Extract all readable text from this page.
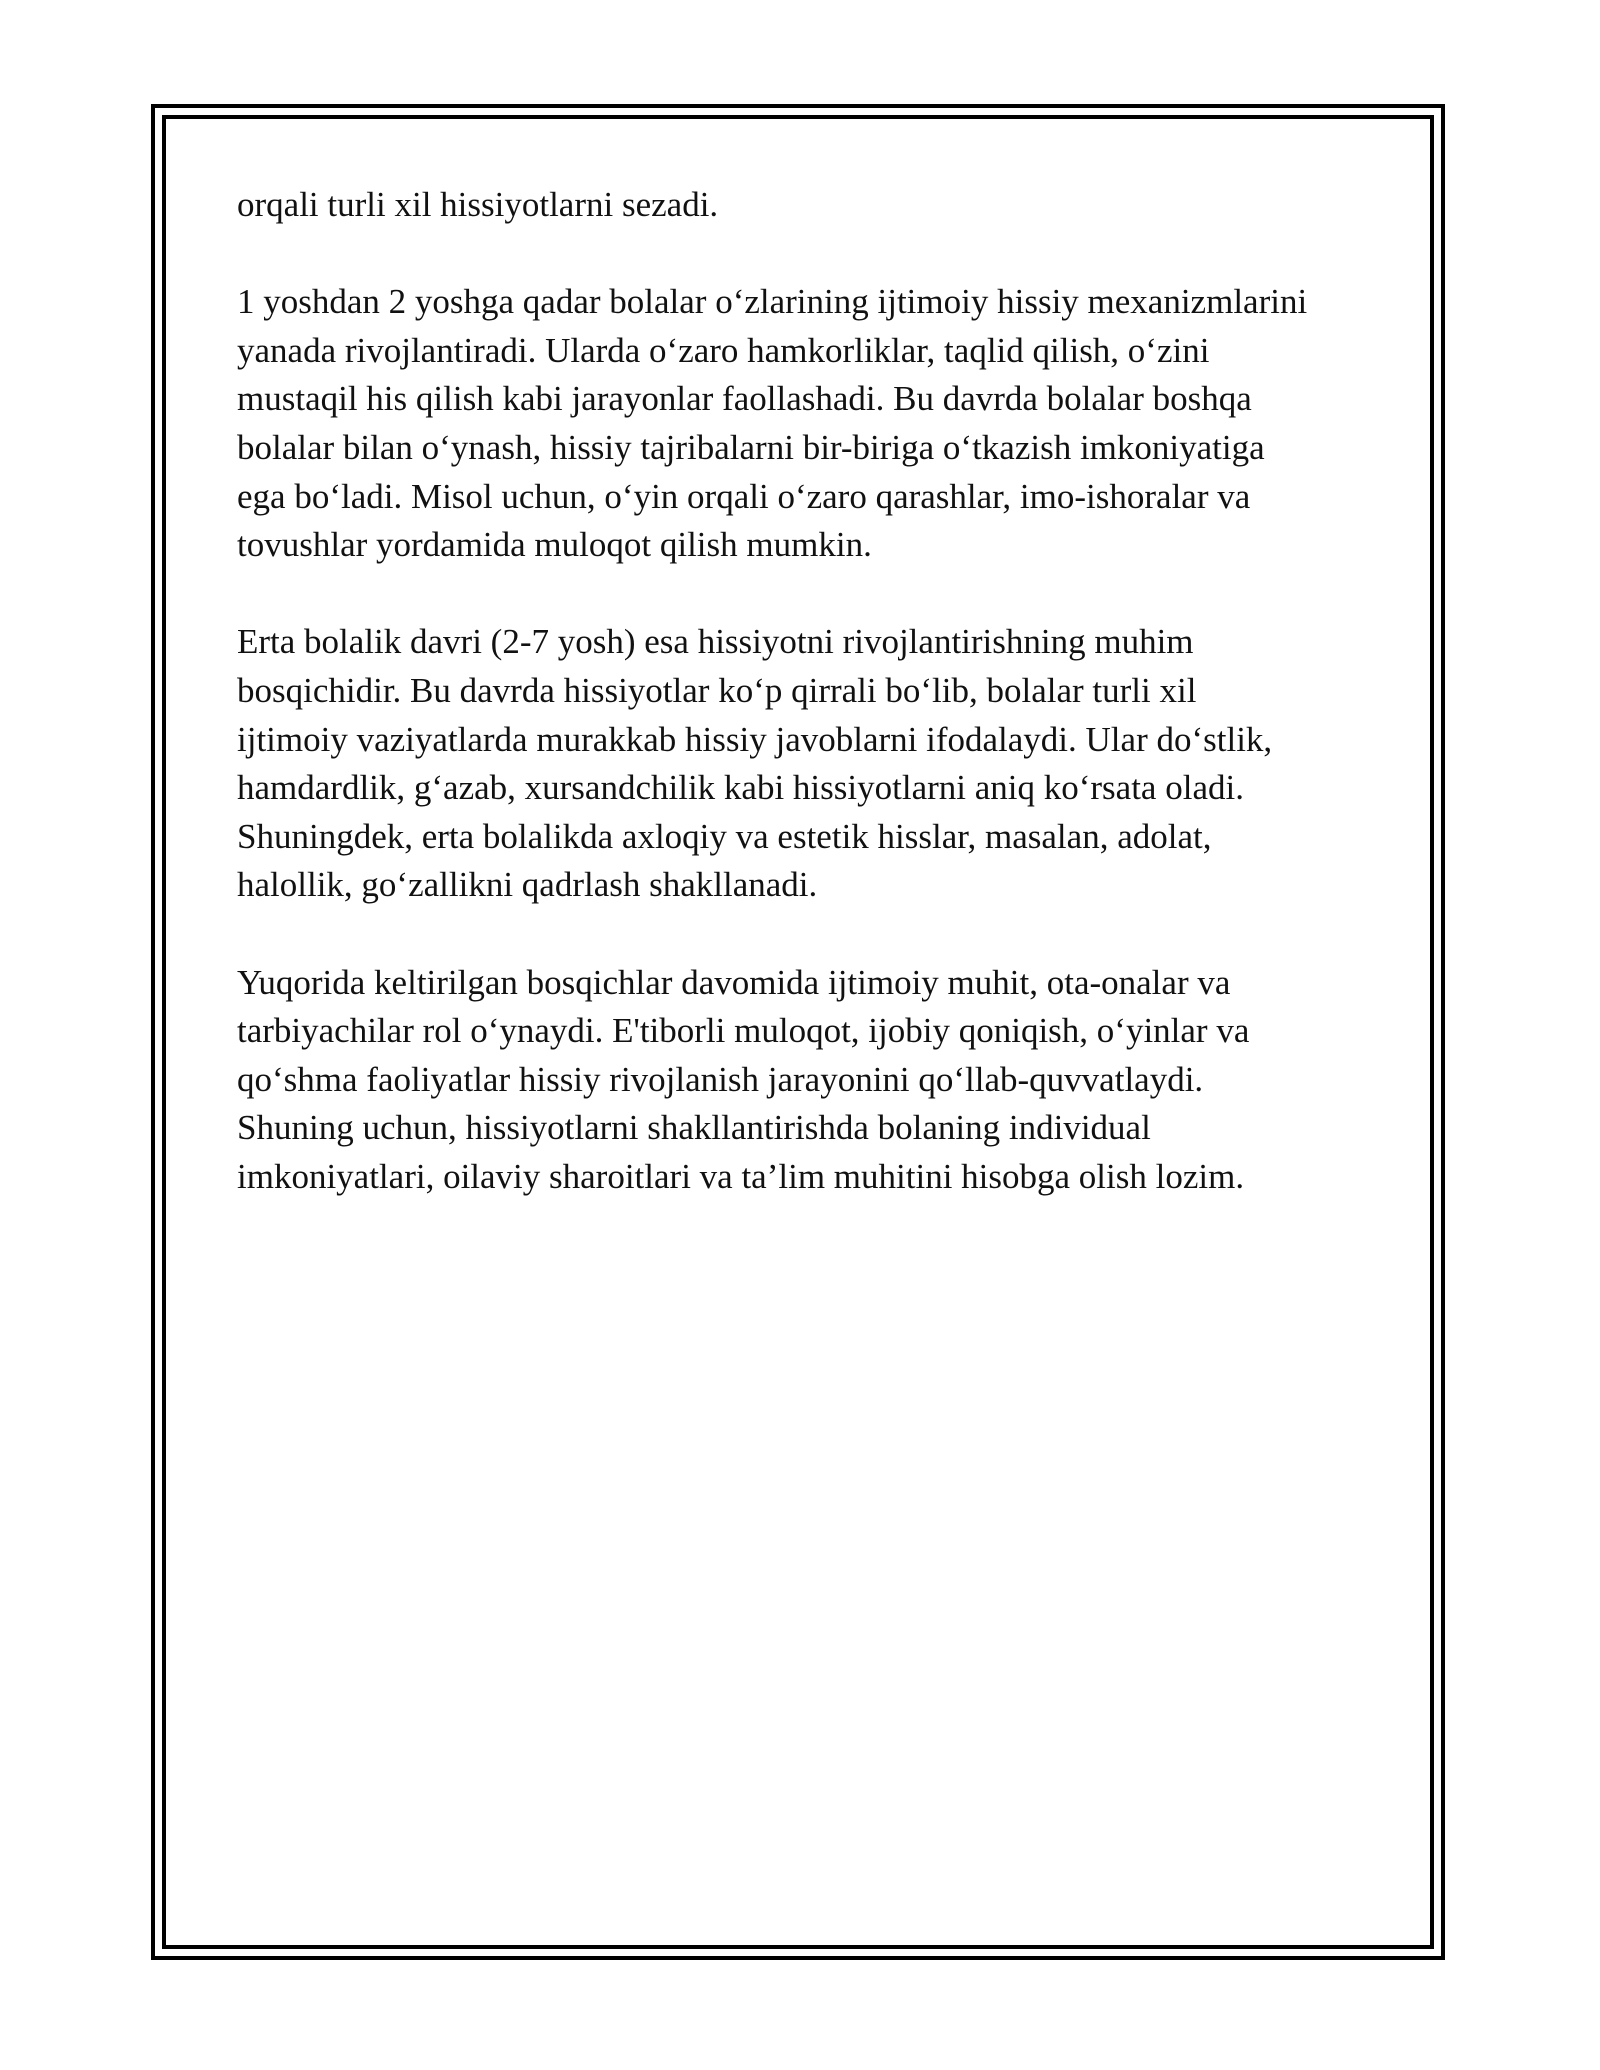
orqali turli xil hissiyotlarni sezadi.

1 yoshdan 2 yoshga qadar bolalar o‘zlarining ijtimoiy hissiy mexanizmlarini
yanada rivojlantiradi. Ularda o‘zaro hamkorliklar, taqlid qilish, o‘zini
mustaqil his qilish kabi jarayonlar faollashadi. Bu davrda bolalar boshqa
bolalar bilan o‘ynash, hissiy tajribalarni bir-biriga o‘tkazish imkoniyatiga
ega bo‘ladi. Misol uchun, o‘yin orqali o‘zaro qarashlar, imo-ishoralar va
tovushlar yordamida muloqot qilish mumkin.

Erta bolalik davri (2-7 yosh) esa hissiyotni rivojlantirishning muhim
bosqichidir. Bu davrda hissiyotlar ko‘p qirrali bo‘lib, bolalar turli xil
ijtimoiy vaziyatlarda murakkab hissiy javoblarni ifodalaydi. Ular do‘stlik,
hamdardlik, g‘azab, xursandchilik kabi hissiyotlarni aniq ko‘rsata oladi.
Shuningdek, erta bolalikda axloqiy va estetik hisslar, masalan, adolat,
halollik, go‘zallikni qadrlash shakllanadi.

Yuqorida keltirilgan bosqichlar davomida ijtimoiy muhit, ota-onalar va
tarbiyachilar rol o‘ynaydi. E'tiborli muloqot, ijobiy qoniqish, o‘yinlar va
qo‘shma faoliyatlar hissiy rivojlanish jarayonini qo‘llab-quvvatlaydi.
Shuning uchun, hissiyotlarni shakllantirishda bolaning individual
imkoniyatlari, oilaviy sharoitlari va ta’lim muhitini hisobga olish lozim.
